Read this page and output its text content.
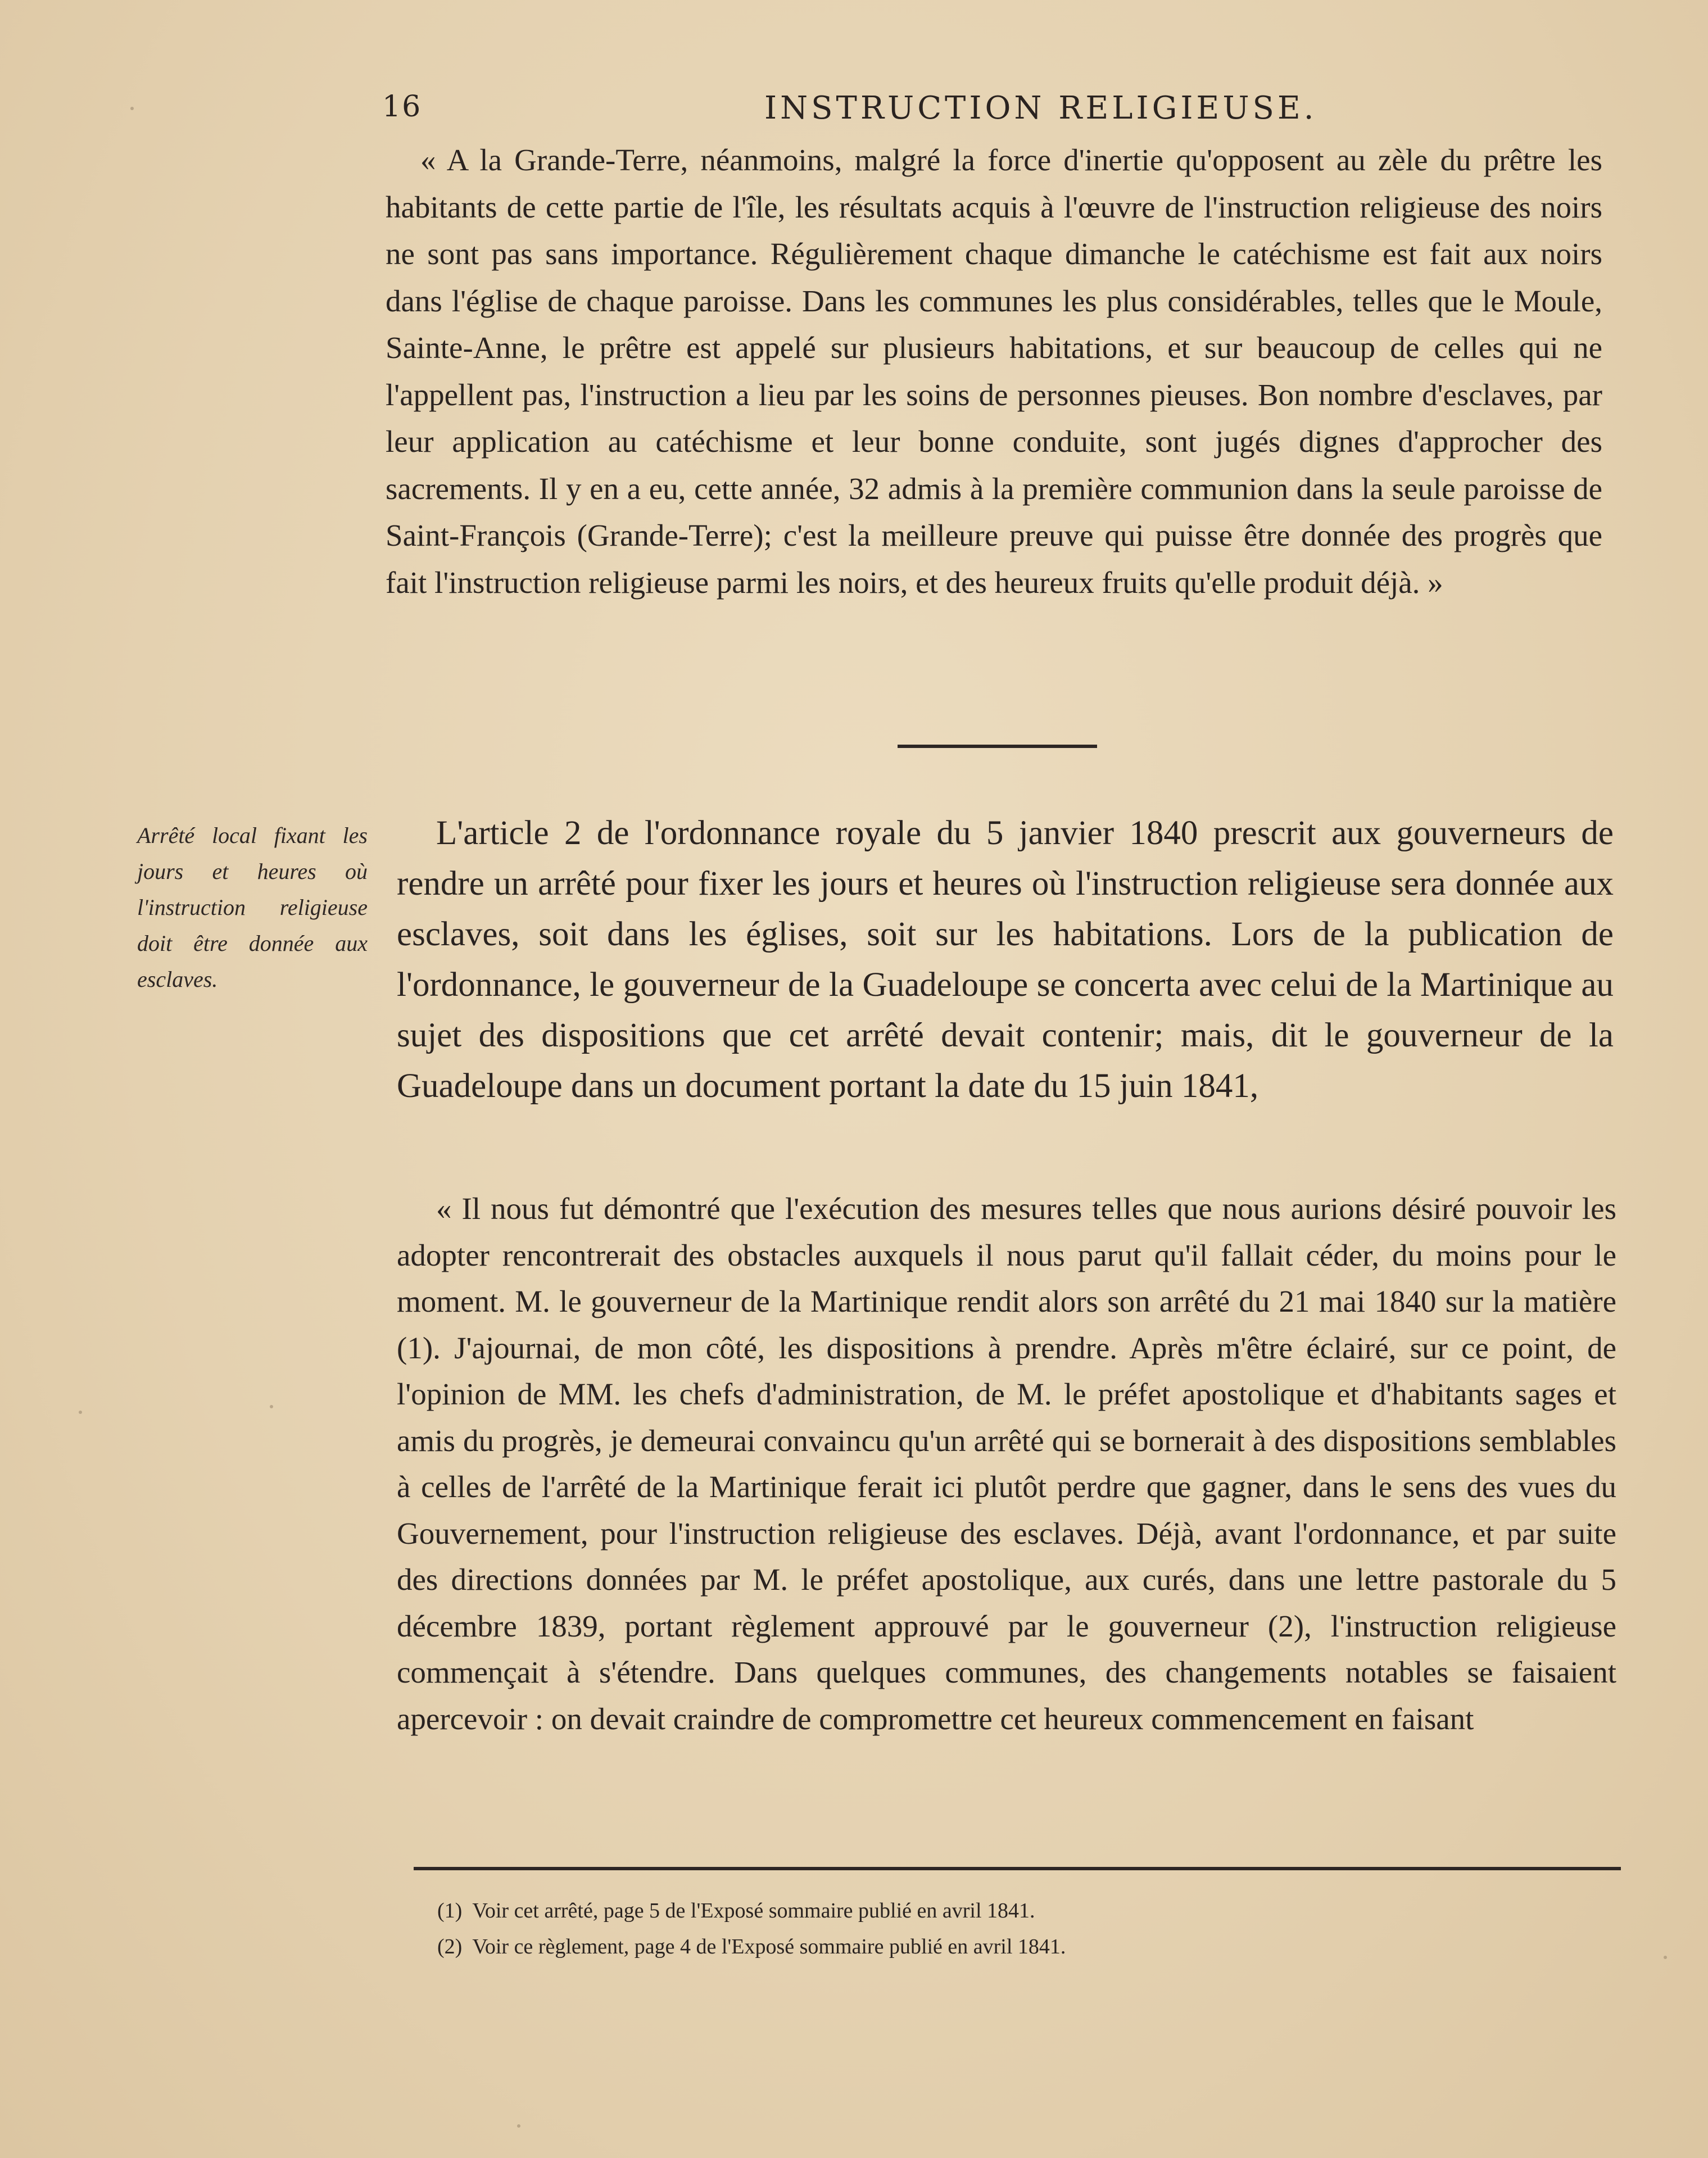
16	INSTRUCTION RELIGIEUSE.

« A la Grande-Terre, néanmoins, malgré la force d'inertie qu'opposent au zèle du prêtre les habitants de cette partie de l'île, les résultats acquis à l'œuvre de l'instruction religieuse des noirs ne sont pas sans importance. Régulièrement chaque dimanche le catéchisme est fait aux noirs dans l'église de chaque paroisse. Dans les communes les plus considérables, telles que le Moule, Sainte-Anne, le prêtre est appelé sur plusieurs habitations, et sur beaucoup de celles qui ne l'appellent pas, l'instruction a lieu par les soins de personnes pieuses. Bon nombre d'esclaves, par leur application au catéchisme et leur bonne conduite, sont jugés dignes d'approcher des sacrements. Il y en a eu, cette année, 32 admis à la première communion dans la seule paroisse de Saint-François (Grande-Terre); c'est la meilleure preuve qui puisse être donnée des progrès que fait l'instruction religieuse parmi les noirs, et des heureux fruits qu'elle produit déjà. »

Arrêté local fixant les jours et heures où l'instruction religieuse doit être donnée aux esclaves.

L'article 2 de l'ordonnance royale du 5 janvier 1840 prescrit aux gouverneurs de rendre un arrêté pour fixer les jours et heures où l'instruction religieuse sera donnée aux esclaves, soit dans les églises, soit sur les habitations. Lors de la publication de l'ordonnance, le gouverneur de la Guadeloupe se concerta avec celui de la Martinique au sujet des dispositions que cet arrêté devait contenir; mais, dit le gouverneur de la Guadeloupe dans un document portant la date du 15 juin 1841,

« Il nous fut démontré que l'exécution des mesures telles que nous aurions désiré pouvoir les adopter rencontrerait des obstacles auxquels il nous parut qu'il fallait céder, du moins pour le moment. M. le gouverneur de la Martinique rendit alors son arrêté du 21 mai 1840 sur la matière (1). J'ajournai, de mon côté, les dispositions à prendre. Après m'être éclairé, sur ce point, de l'opinion de MM. les chefs d'administration, de M. le préfet apostolique et d'habitants sages et amis du progrès, je demeurai convaincu qu'un arrêté qui se bornerait à des dispositions semblables à celles de l'arrêté de la Martinique ferait ici plutôt perdre que gagner, dans le sens des vues du Gouvernement, pour l'instruction religieuse des esclaves. Déjà, avant l'ordonnance, et par suite des directions données par M. le préfet apostolique, aux curés, dans une lettre pastorale du 5 décembre 1839, portant règlement approuvé par le gouverneur (2), l'instruction religieuse commençait à s'étendre. Dans quelques communes, des changements notables se faisaient apercevoir : on devait craindre de compromettre cet heureux commencement en faisant

(1) Voir cet arrêté, page 5 de l'Exposé sommaire publié en avril 1841.
(2) Voir ce règlement, page 4 de l'Exposé sommaire publié en avril 1841.
